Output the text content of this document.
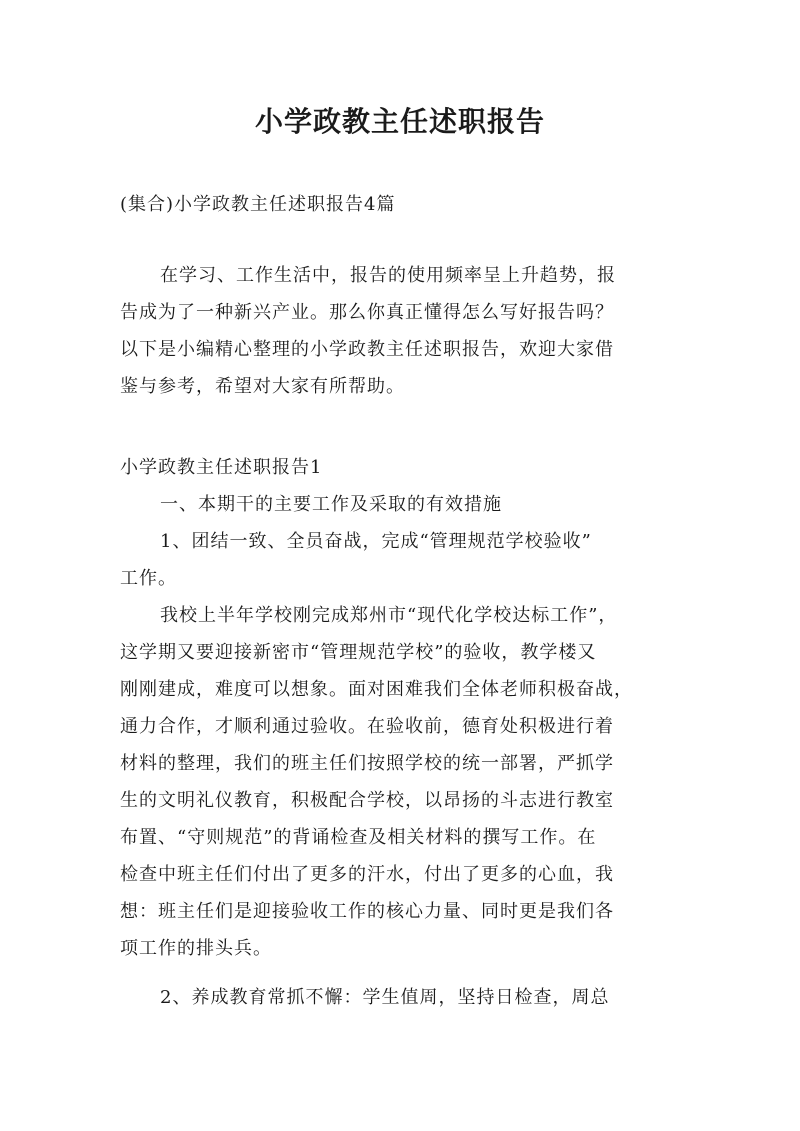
小学政教主任述职报告
(集合)小学政教主任述职报告4篇
在学习、工作生活中，报告的使用频率呈上升趋势，报
告成为了一种新兴产业。那么你真正懂得怎么写好报告吗？
以下是小编精心整理的小学政教主任述职报告，欢迎大家借
鉴与参考，希望对大家有所帮助。
小学政教主任述职报告1
一、本期干的主要工作及采取的有效措施
1、团结一致、全员奋战，完成“管理规范学校验收”
工作。
我校上半年学校刚完成郑州市“现代化学校达标工作”，
这学期又要迎接新密市“管理规范学校”的验收，教学楼又
刚刚建成，难度可以想象。面对困难我们全体老师积极奋战，
通力合作，才顺利通过验收。在验收前，德育处积极进行着
材料的整理，我们的班主任们按照学校的统一部署，严抓学
生的文明礼仪教育，积极配合学校，以昂扬的斗志进行教室
布置、“守则规范”的背诵检查及相关材料的撰写工作。在
检查中班主任们付出了更多的汗水，付出了更多的心血，我
想：班主任们是迎接验收工作的核心力量、同时更是我们各
项工作的排头兵。
2、养成教育常抓不懈：学生值周，坚持日检查，周总
